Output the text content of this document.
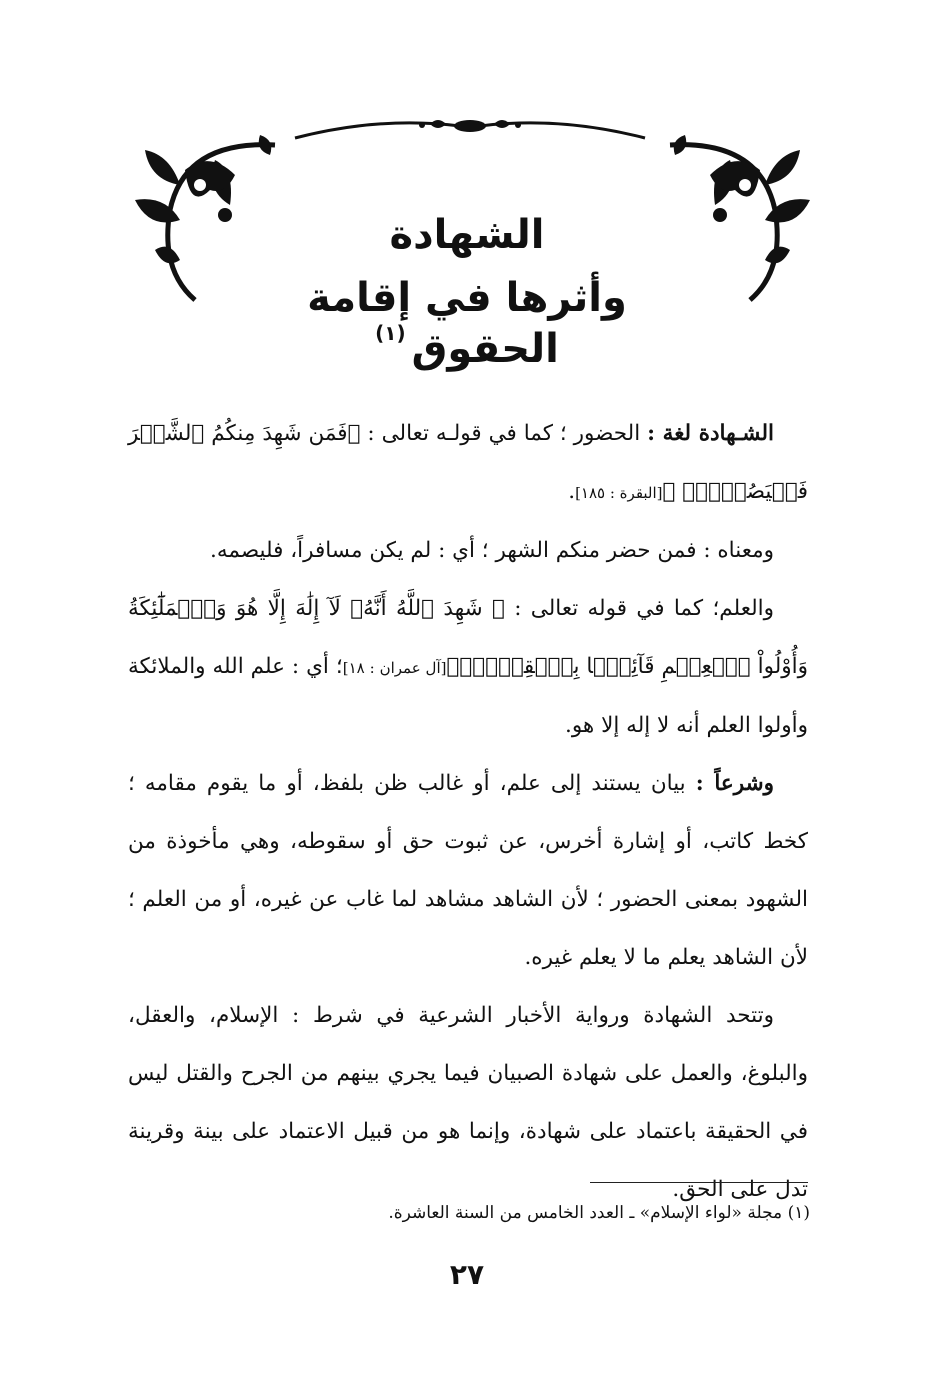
الشهادة
وأثرها في إقامة الحقوق$^{(١)}$

الشـهادة لغة : الحضور ؛ كما في قولـه تعالى : ﴿فَمَن شَهِدَ مِنكُمُ ٱلشَّهۡرَ فَلۡيَصُمۡهُۖ ﴾[البقرة : ١٨٥].

ومعناه : فمن حضر منكم الشهر ؛ أي : لم يكن مسافراً، فليصمه.

والعلم؛ كما في قوله تعالى : ﴿ شَهِدَ ٱللَّهُ أَنَّهُۥ لَآ إِلَٰهَ إِلَّا هُوَ وَٱلۡمَلَٰٓئِكَةُ وَأُوْلُواْ ٱلۡعِلۡمِ قَآئِمَۢا بِٱلۡقِسۡطِۚ﴾[آل عمران : ١٨]؛ أي : علم الله والملائكة وأولوا العلم أنه لا إله إلا هو.

وشرعاً : بيان يستند إلى علم، أو غالب ظن بلفظ، أو ما يقوم مقامه ؛ كخط كاتب، أو إشارة أخرس، عن ثبوت حق أو سقوطه، وهي مأخوذة من الشهود بمعنى الحضور ؛ لأن الشاهد مشاهد لما غاب عن غيره، أو من العلم ؛ لأن الشاهد يعلم ما لا يعلم غيره.

وتتحد الشهادة ورواية الأخبار الشرعية في شرط : الإسلام، والعقل، والبلوغ، والعمل على شهادة الصبيان فيما يجري بينهم من الجرح والقتل ليس في الحقيقة باعتماد على شهادة، وإنما هو من قبيل الاعتماد على بينة وقرينة تدل على الحق.

(١) مجلة «لواء الإسلام» ـ العدد الخامس من السنة العاشرة.
٢٧
